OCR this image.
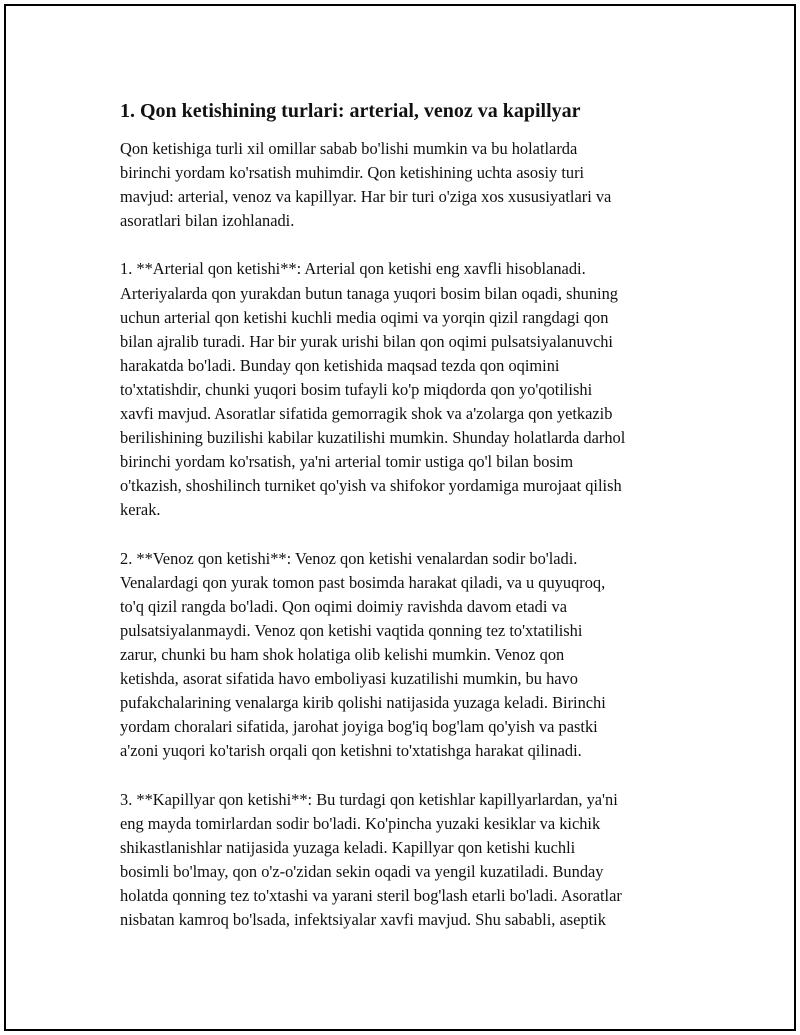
1. Qon ketishining turlari: arterial, venoz va kapillyar

Qon ketishiga turli xil omillar sabab bo'lishi mumkin va bu holatlarda
birinchi yordam ko'rsatish muhimdir. Qon ketishining uchta asosiy turi
mavjud: arterial, venoz va kapillyar. Har bir turi o'ziga xos xususiyatlari va
asoratlari bilan izohlanadi.

1. **Arterial qon ketishi**: Arterial qon ketishi eng xavfli hisoblanadi.
Arteriyalarda qon yurakdan butun tanaga yuqori bosim bilan oqadi, shuning
uchun arterial qon ketishi kuchli media oqimi va yorqin qizil rangdagi qon
bilan ajralib turadi. Har bir yurak urishi bilan qon oqimi pulsatsiyalanuvchi
harakatda bo'ladi. Bunday qon ketishida maqsad tezda qon oqimini
to'xtatishdir, chunki yuqori bosim tufayli ko'p miqdorda qon yo'qotilishi
xavfi mavjud. Asoratlar sifatida gemorragik shok va a'zolarga qon yetkazib
berilishining buzilishi kabilar kuzatilishi mumkin. Shunday holatlarda darhol
birinchi yordam ko'rsatish, ya'ni arterial tomir ustiga qo'l bilan bosim
o'tkazish, shoshilinch turniket qo'yish va shifokor yordamiga murojaat qilish
kerak.

2. **Venoz qon ketishi**: Venoz qon ketishi venalardan sodir bo'ladi.
Venalardagi qon yurak tomon past bosimda harakat qiladi, va u quyuqroq,
to'q qizil rangda bo'ladi. Qon oqimi doimiy ravishda davom etadi va
pulsatsiyalanmaydi. Venoz qon ketishi vaqtida qonning tez to'xtatilishi
zarur, chunki bu ham shok holatiga olib kelishi mumkin. Venoz qon
ketishda, asorat sifatida havo emboliyasi kuzatilishi mumkin, bu havo
pufakchalarining venalarga kirib qolishi natijasida yuzaga keladi. Birinchi
yordam choralari sifatida, jarohat joyiga bog'iq bog'lam qo'yish va pastki
a'zoni yuqori ko'tarish orqali qon ketishni to'xtatishga harakat qilinadi.

3. **Kapillyar qon ketishi**: Bu turdagi qon ketishlar kapillyarlardan, ya'ni
eng mayda tomirlardan sodir bo'ladi. Ko'pincha yuzaki kesiklar va kichik
shikastlanishlar natijasida yuzaga keladi. Kapillyar qon ketishi kuchli
bosimli bo'lmay, qon o'z-o'zidan sekin oqadi va yengil kuzatiladi. Bunday
holatda qonning tez to'xtashi va yarani steril bog'lash etarli bo'ladi. Asoratlar
nisbatan kamroq bo'lsada, infektsiyalar xavfi mavjud. Shu sababli, aseptik
